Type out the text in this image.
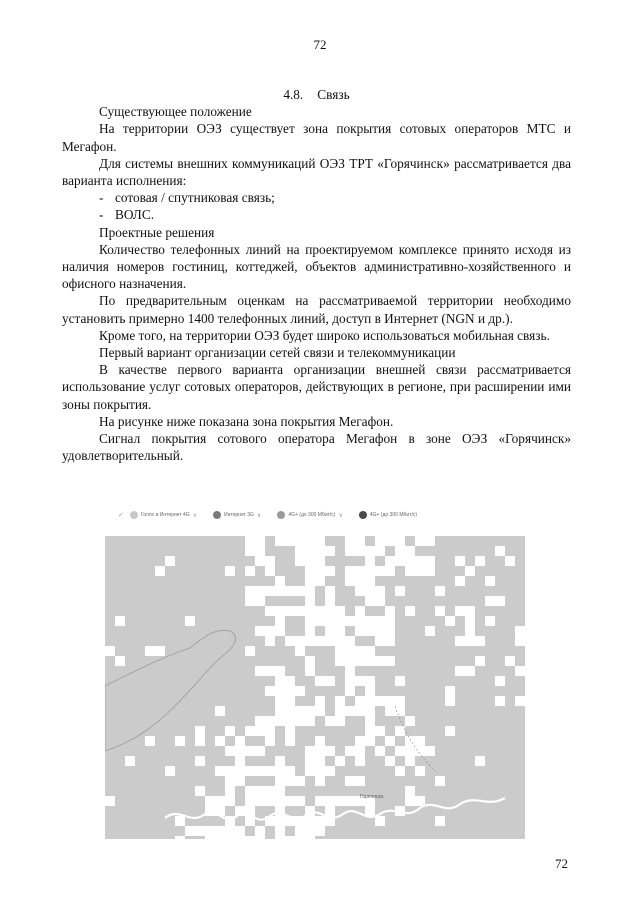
72
4.8. Связь

Существующее положение

На территории ОЭЗ существует зона покрытия сотовых операторов МТС и Мегафон.

Для системы внешних коммуникаций ОЭЗ ТРТ «Горячинск» рассматривается два варианта исполнения:

- сотовая / спутниковая связь;
- ВОЛС.

Проектные решения

Количество телефонных линий на проектируемом комплексе принято исходя из наличия номеров гостиниц, коттеджей, объектов административно-хозяйственного и офисного назначения.

По предварительным оценкам на рассматриваемой территории необходимо установить примерно 1400 телефонных линий, доступ в Интернет (NGN и др.).

Кроме того, на территории ОЭЗ будет широко использоваться мобильная связь.

Первый вариант организации сетей связи и телекоммуникации

В качестве первого варианта организации внешней связи рассматривается использование услуг сотовых операторов, действующих в регионе, при расширении ими зоны покрытия.

На рисунке ниже показана зона покрытия Мегафон.

Сигнал покрытия сотового оператора Мегафон в зоне ОЭЗ «Горячинск» удовлетворительный.

✓	Голос и Интернет 4G ∨	Интернет 3G ∨	4G+ (до 300 Мбит/с) ∨	4G+ (до 300 Мбит/с)
Горячинск
72
